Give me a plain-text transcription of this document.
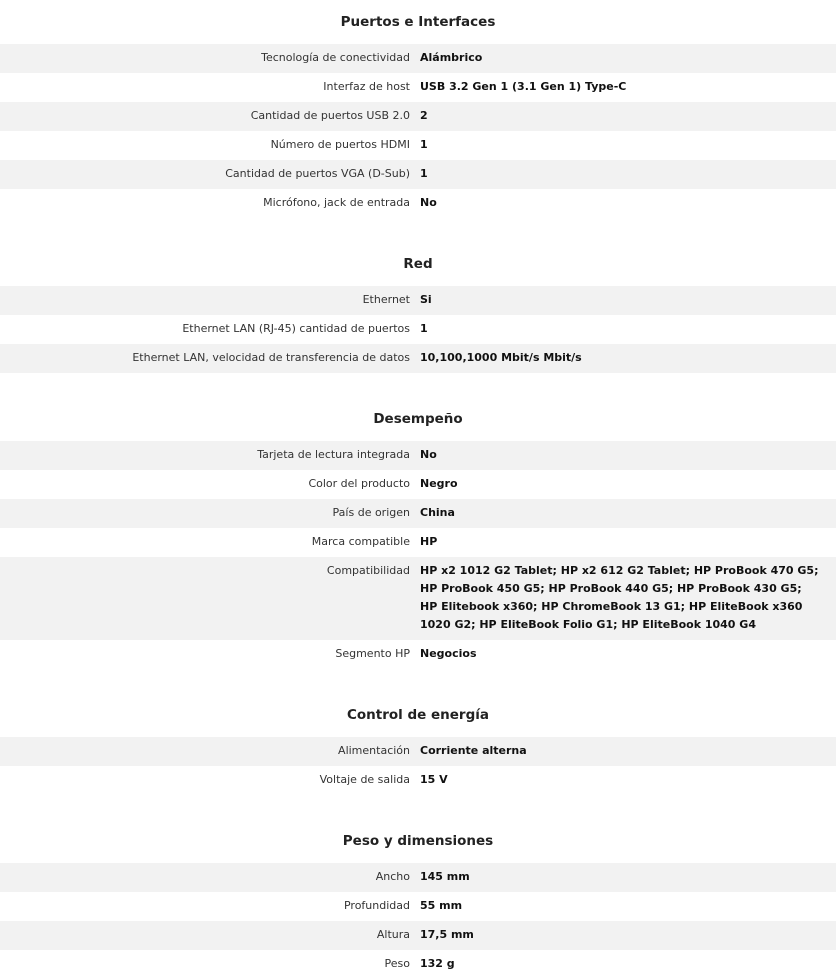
Puertos e Interfaces
Tecnología de conectividad Alámbrico
Interfaz de host USB 3.2 Gen 1 (3.1 Gen 1) Type-C
Cantidad de puertos USB 2.0 2
Número de puertos HDMI 1
Cantidad de puertos VGA (D-Sub) 1
Micrófono, jack de entrada No
Red
Ethernet Si
Ethernet LAN (RJ-45) cantidad de puertos 1
Ethernet LAN, velocidad de transferencia de datos 10,100,1000 Mbit/s Mbit/s
Desempeño
Tarjeta de lectura integrada No
Color del producto Negro
País de origen China
Marca compatible HP
Compatibilidad HP x2 1012 G2 Tablet; HP x2 612 G2 Tablet; HP ProBook 470 G5; HP ProBook 450 G5; HP ProBook 440 G5; HP ProBook 430 G5; HP Elitebook x360; HP ChromeBook 13 G1; HP EliteBook x360 1020 G2; HP EliteBook Folio G1; HP EliteBook 1040 G4
Segmento HP Negocios
Control de energía
Alimentación Corriente alterna
Voltaje de salida 15 V
Peso y dimensiones
Ancho 145 mm
Profundidad 55 mm
Altura 17,5 mm
Peso 132 g
